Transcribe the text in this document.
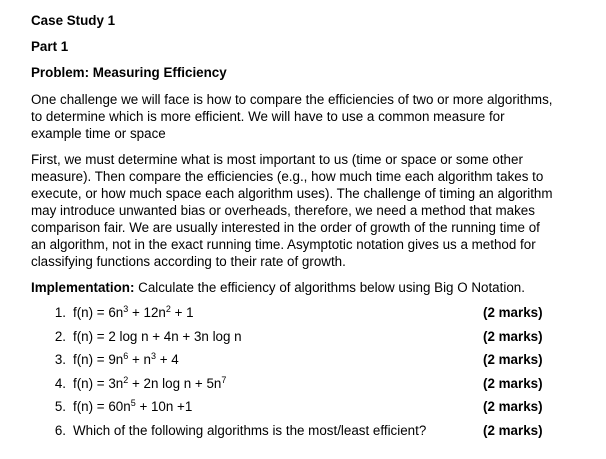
Case Study 1

Part 1

Problem: Measuring Efficiency

One challenge we will face is how to compare the efficiencies of two or more algorithms,
to determine which is more efficient. We will have to use a common measure for
example time or space
First, we must determine what is most important to us (time or space or some other
measure). Then compare the efficiencies (e.g., how much time each algorithm takes to
execute, or how much space each algorithm uses). The challenge of timing an algorithm
may introduce unwanted bias or overheads, therefore, we need a method that makes
comparison fair. We are usually interested in the order of growth of the running time of
an algorithm, not in the exact running time. Asymptotic notation gives us a method for
classifying functions according to their rate of growth.

Implementation: Calculate the efficiency of algorithms below using Big O Notation.

1. $f(n) = 6n^3 + 12n^2 + 1$	(2 marks)
2. f(n) = 2 log n + 4n + 3n log n	(2 marks)
3. $f(n) = 9n^6 + n^3 + 4$	(2 marks)
4. $f(n) = 3n^2 + 2n$ $\log n + 5n^7$	(2 marks)
5. $f(n) = 60n^5 + 10n +1$	(2 marks)
6. Which of the following algorithms is the most/least efficient?	(2 marks)
